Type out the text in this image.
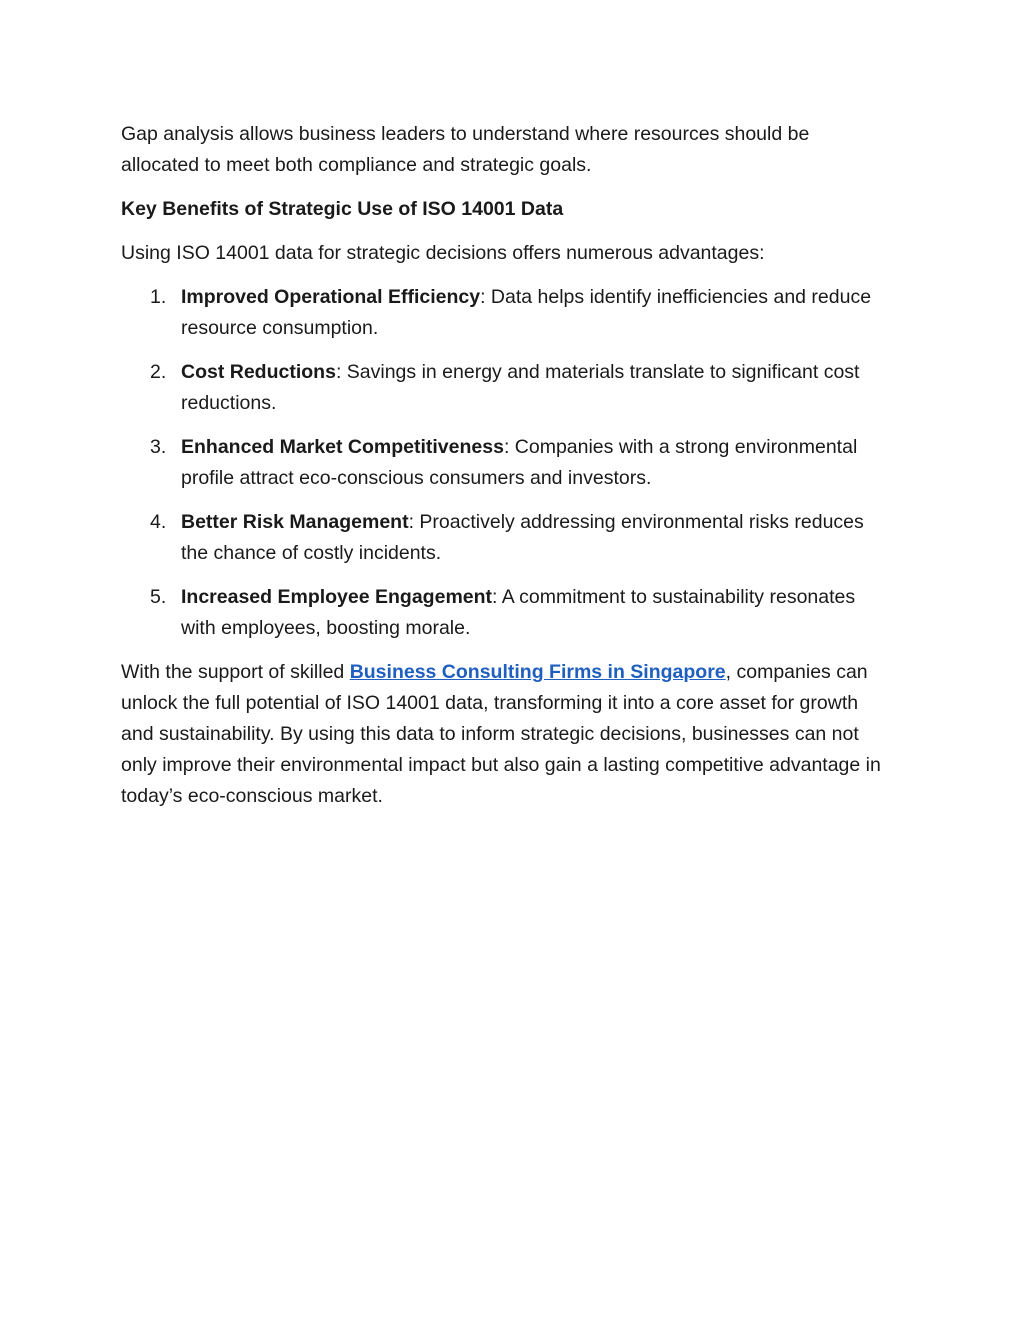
Gap analysis allows business leaders to understand where resources should be allocated to meet both compliance and strategic goals.

Key Benefits of Strategic Use of ISO 14001 Data

Using ISO 14001 data for strategic decisions offers numerous advantages:

1. Improved Operational Efficiency: Data helps identify inefficiencies and reduce resource consumption.
2. Cost Reductions: Savings in energy and materials translate to significant cost reductions.
3. Enhanced Market Competitiveness: Companies with a strong environmental profile attract eco-conscious consumers and investors.
4. Better Risk Management: Proactively addressing environmental risks reduces the chance of costly incidents.
5. Increased Employee Engagement: A commitment to sustainability resonates with employees, boosting morale.

With the support of skilled Business Consulting Firms in Singapore, companies can unlock the full potential of ISO 14001 data, transforming it into a core asset for growth and sustainability. By using this data to inform strategic decisions, businesses can not only improve their environmental impact but also gain a lasting competitive advantage in today’s eco-conscious market.
